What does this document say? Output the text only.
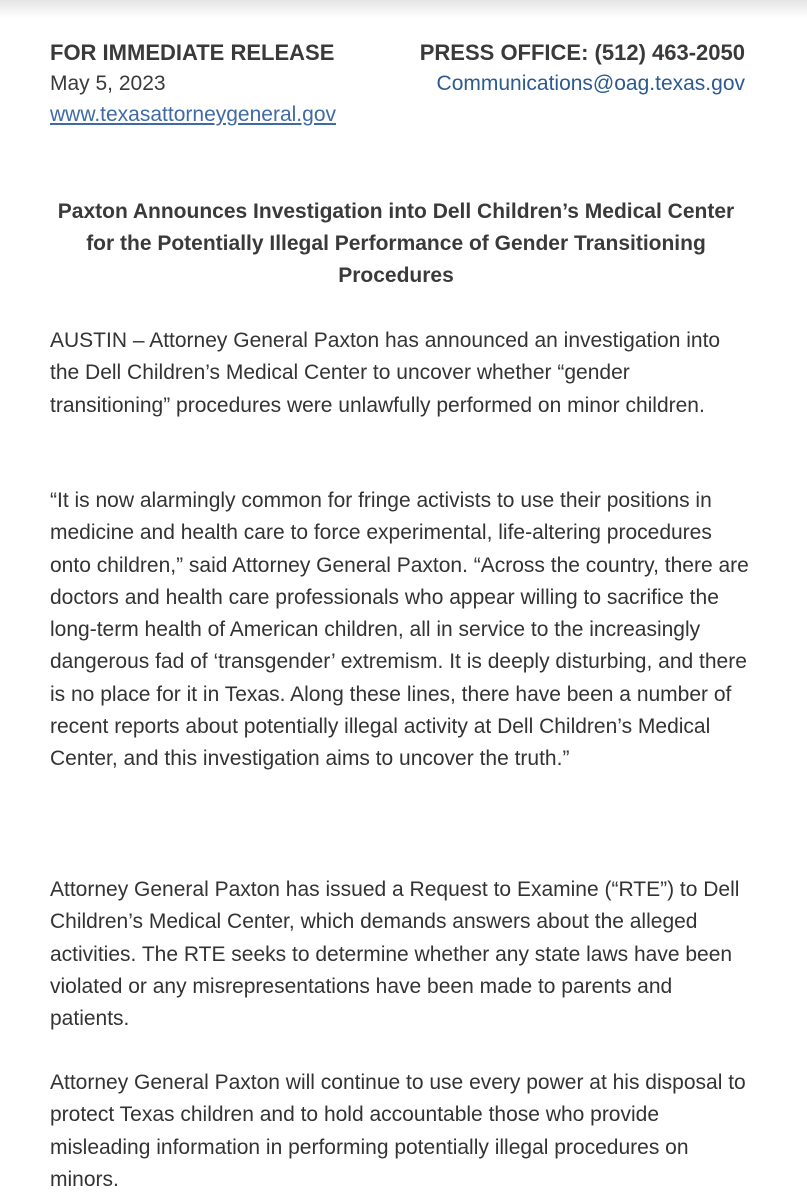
FOR IMMEDIATE RELEASE
May 5, 2023
www.texasattorneygeneral.gov
PRESS OFFICE: (512) 463-2050
Communications@oag.texas.gov
Paxton Announces Investigation into Dell Children’s Medical Center for the Potentially Illegal Performance of Gender Transitioning Procedures

AUSTIN – Attorney General Paxton has announced an investigation into the Dell Children’s Medical Center to uncover whether “gender transitioning” procedures were unlawfully performed on minor children.

“It is now alarmingly common for fringe activists to use their positions in medicine and health care to force experimental, life-altering procedures onto children,” said Attorney General Paxton. “Across the country, there are doctors and health care professionals who appear willing to sacrifice the long-term health of American children, all in service to the increasingly dangerous fad of ‘transgender’ extremism. It is deeply disturbing, and there is no place for it in Texas. Along these lines, there have been a number of recent reports about potentially illegal activity at Dell Children’s Medical Center, and this investigation aims to uncover the truth.”

Attorney General Paxton has issued a Request to Examine (“RTE”) to Dell Children’s Medical Center, which demands answers about the alleged activities. The RTE seeks to determine whether any state laws have been violated or any misrepresentations have been made to parents and patients.

Attorney General Paxton will continue to use every power at his disposal to protect Texas children and to hold accountable those who provide misleading information in performing potentially illegal procedures on minors.
